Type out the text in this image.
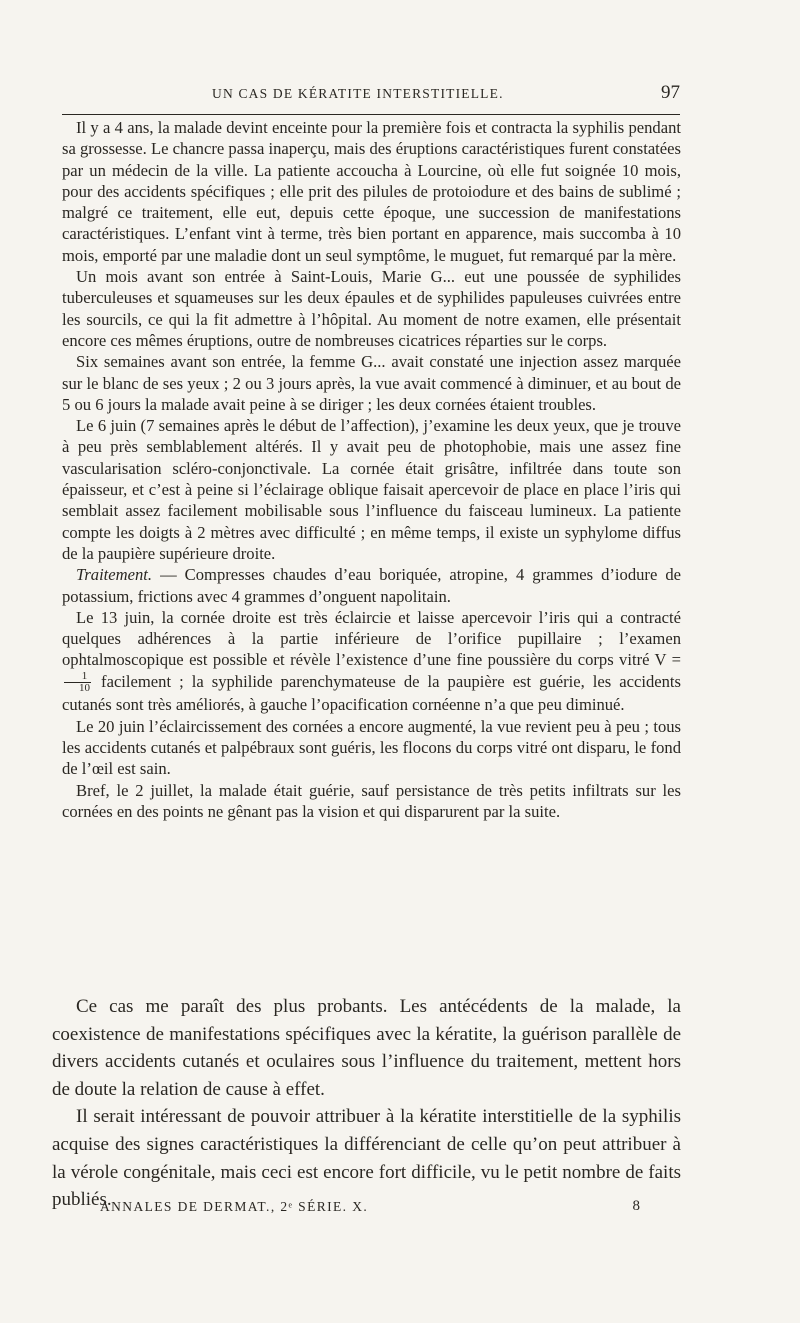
UN CAS DE KÉRATITE INTERSTITIELLE.	97

Il y a 4 ans, la malade devint enceinte pour la première fois et contracta la syphilis pendant sa grossesse. Le chancre passa inaperçu, mais des éruptions caractéristiques furent constatées par un médecin de la ville. La patiente accoucha à Lourcine, où elle fut soignée 10 mois, pour des accidents spécifiques ; elle prit des pilules de protoiodure et des bains de sublimé ; malgré ce traitement, elle eut, depuis cette époque, une succession de manifestations caractéristiques. L’enfant vint à terme, très bien portant en apparence, mais succomba à 10 mois, emporté par une maladie dont un seul symptôme, le muguet, fut remarqué par la mère.

Un mois avant son entrée à Saint-Louis, Marie G... eut une poussée de syphilides tuberculeuses et squameuses sur les deux épaules et de syphilides papuleuses cuivrées entre les sourcils, ce qui la fit admettre à l’hôpital. Au moment de notre examen, elle présentait encore ces mêmes éruptions, outre de nombreuses cicatrices réparties sur le corps.

Six semaines avant son entrée, la femme G... avait constaté une injection assez marquée sur le blanc de ses yeux ; 2 ou 3 jours après, la vue avait commencé à diminuer, et au bout de 5 ou 6 jours la malade avait peine à se diriger ; les deux cornées étaient troubles.

Le 6 juin (7 semaines après le début de l’affection), j’examine les deux yeux, que je trouve à peu près semblablement altérés. Il y avait peu de photophobie, mais une assez fine vascularisation scléro-conjonctivale. La cornée était grisâtre, infiltrée dans toute son épaisseur, et c’est à peine si l’éclairage oblique faisait apercevoir de place en place l’iris qui semblait assez facilement mobilisable sous l’influence du faisceau lumineux. La patiente compte les doigts à 2 mètres avec difficulté ; en même temps, il existe un syphylome diffus de la paupière supérieure droite.

Traitement. — Compresses chaudes d’eau boriquée, atropine, 4 grammes d’iodure de potassium, frictions avec 4 grammes d’onguent napolitain.

Le 13 juin, la cornée droite est très éclaircie et laisse apercevoir l’iris qui a contracté quelques adhérences à la partie inférieure de l’orifice pupillaire ; l’examen ophtalmoscopique est possible et révèle l’existence d’une fine poussière du corps vitré V =
$\frac{1}{10}$ facilement ; la syphilide parenchymateuse de la paupière est guérie, les accidents cutanés sont très améliorés, à gauche l’opacification cornéenne n’a que peu diminué.

Le 20 juin l’éclaircissement des cornées a encore augmenté, la vue revient peu à peu ; tous les accidents cutanés et palpébraux sont guéris, les flocons du corps vitré ont disparu, le fond de l’œil est sain.

Bref, le 2 juillet, la malade était guérie, sauf persistance de très petits infiltrats sur les cornées en des points ne gênant pas la vision et qui disparurent par la suite.

Ce cas me paraît des plus probants. Les antécédents de la malade, la coexistence de manifestations spécifiques avec la kératite, la guérison parallèle de divers accidents cutanés et oculaires sous l’influence du traitement, mettent hors de doute la relation de cause à effet.

Il serait intéressant de pouvoir attribuer à la kératite interstitielle de la syphilis acquise des signes caractéristiques la différenciant de celle qu’on peut attribuer à la vérole congénitale, mais ceci est encore fort difficile, vu le petit nombre de faits publiés.

ANNALES DE DERMAT., 2ᵉ SÉRIE. X.	8
